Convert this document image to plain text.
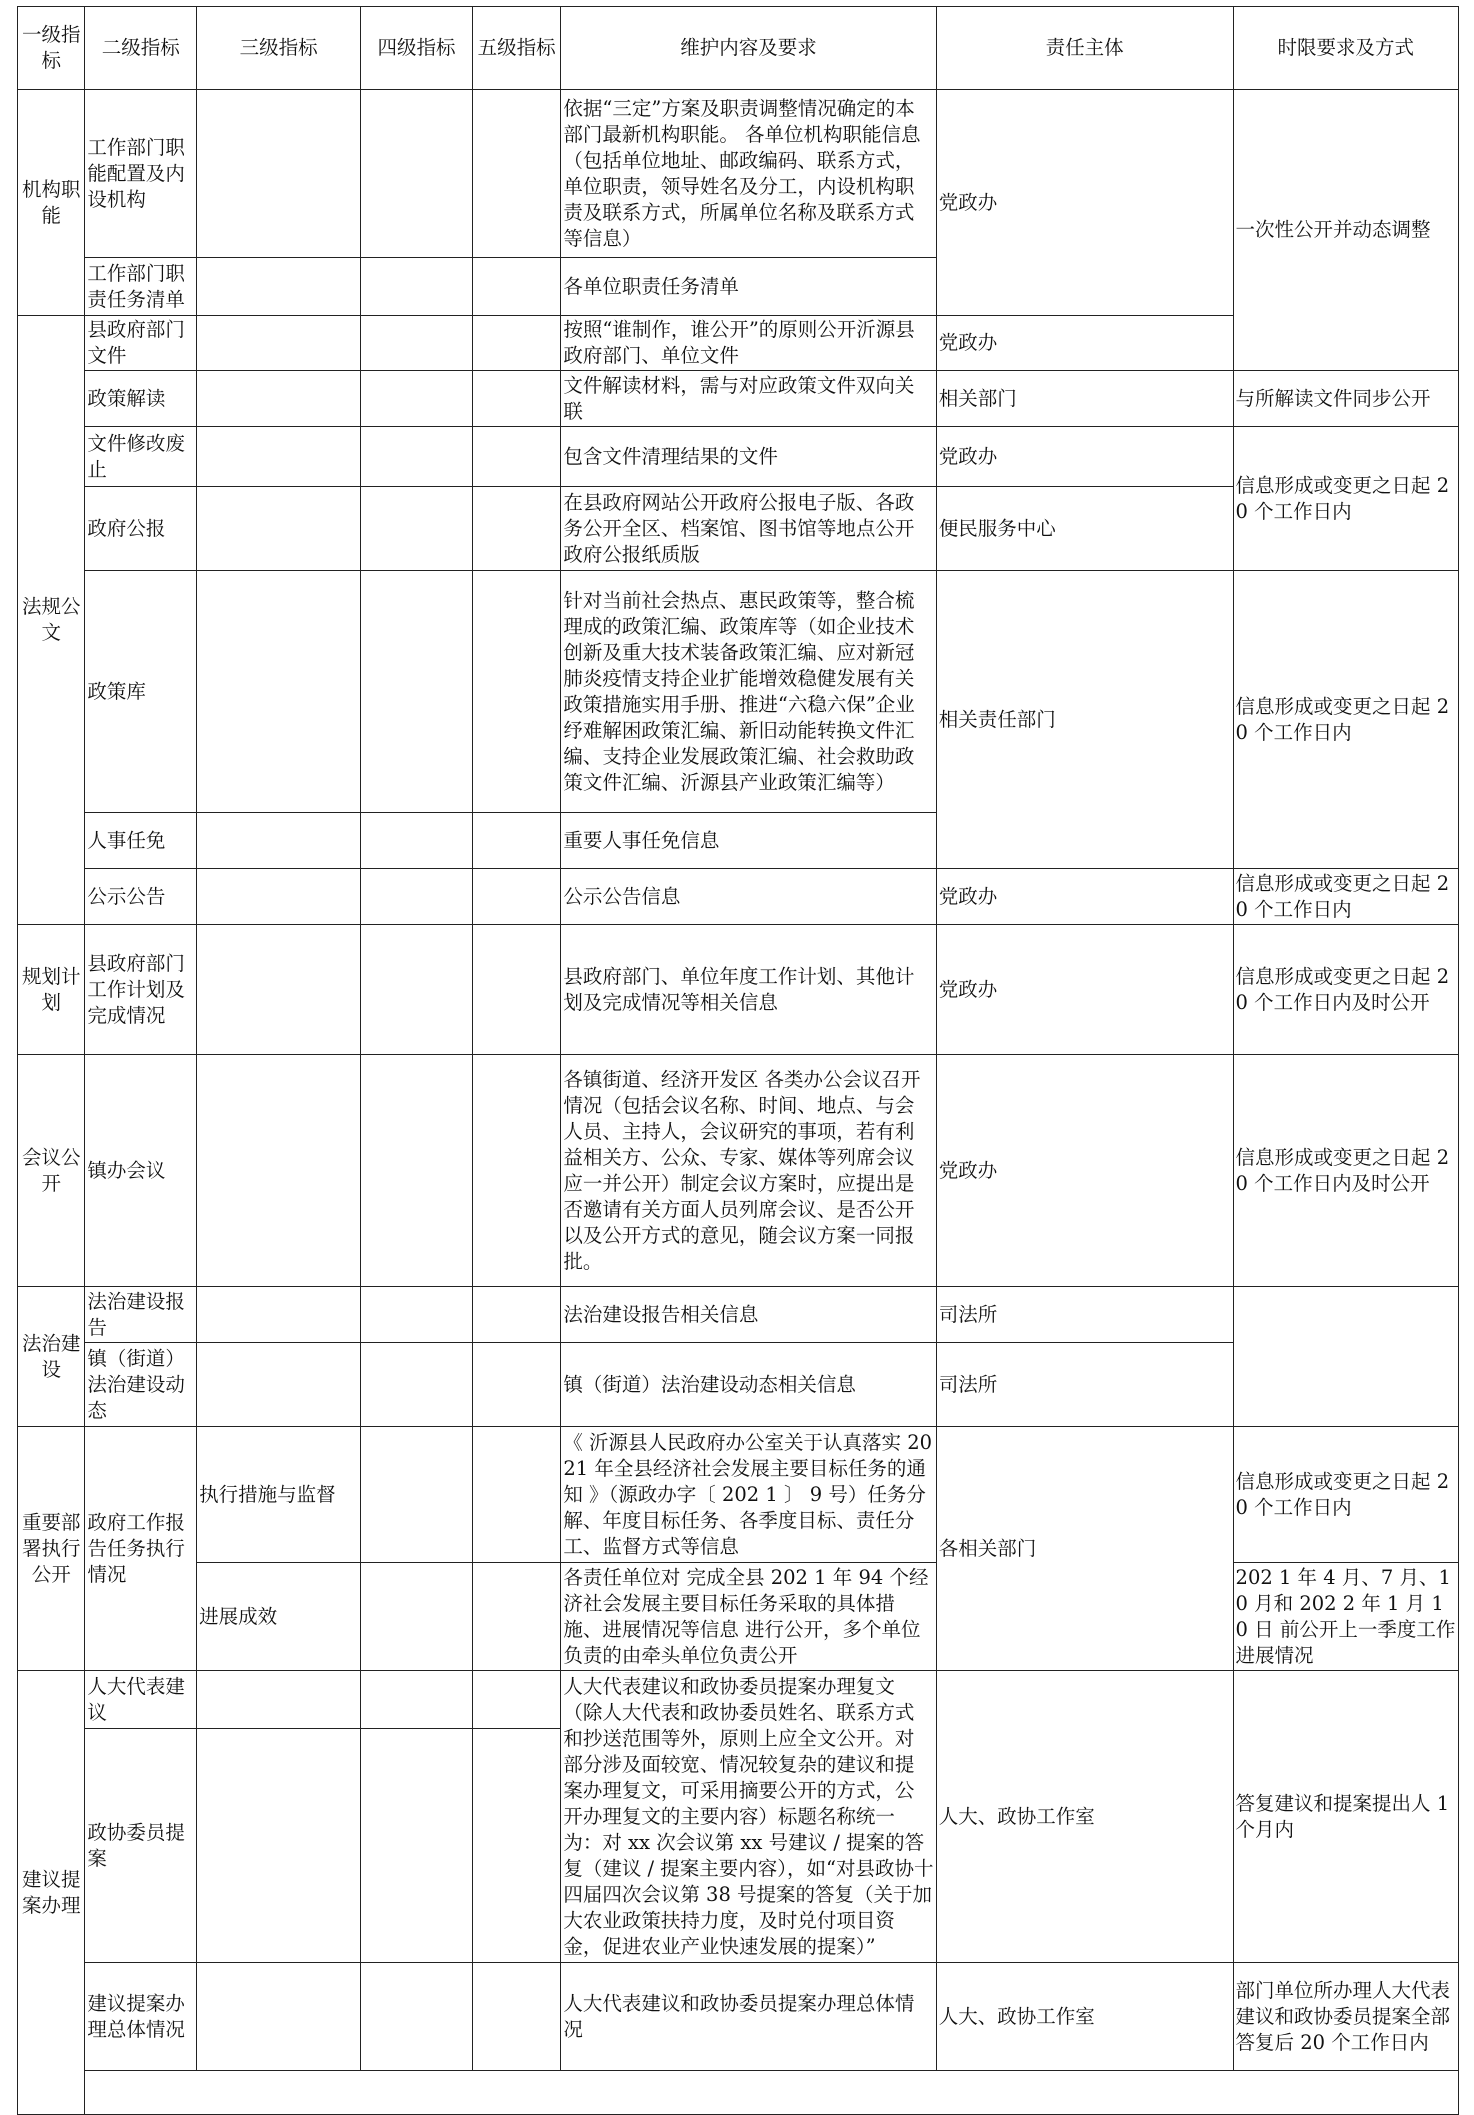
一级指标	二级指标	三级指标	四级指标	五级指标	维护内容及要求	责任主体	时限要求及方式
机构职能	工作部门职能配置及内设机构				依据“三定”方案及职责调整情况确定的本部门最新机构职能。 各单位机构职能信息（包括单位地址、邮政编码、联系方式，单位职责，领导姓名及分工，内设机构职责及联系方式，所属单位名称及联系方式等信息）	党政办	一次性公开并动态调整
	工作部门职责任务清单				各单位职责任务清单		
法规公文	县政府部门文件				按照“谁制作，谁公开”的原则公开沂源县政府部门、单位文件	党政办	
	政策解读				文件解读材料，需与对应政策文件双向关联	相关部门	与所解读文件同步公开
	文件修改废止				包含文件清理结果的文件	党政办	信息形成或变更之日起 20 个工作日内
	政府公报				在县政府网站公开政府公报电子版、各政务公开全区、档案馆、图书馆等地点公开政府公报纸质版	便民服务中心	
	政策库				针对当前社会热点、惠民政策等，整合梳理成的政策汇编、政策库等（如企业技术创新及重大技术装备政策汇编、应对新冠肺炎疫情支持企业扩能增效稳健发展有关政策措施实用手册、推进“六稳六保”企业纾难解困政策汇编、新旧动能转换文件汇编、支持企业发展政策汇编、社会救助政策文件汇编、沂源县产业政策汇编等）	相关责任部门	信息形成或变更之日起 20 个工作日内
	人事任免				重要人事任免信息		
	公示公告				公示公告信息	党政办	信息形成或变更之日起 20 个工作日内
规划计划	县政府部门工作计划及完成情况				县政府部门、单位年度工作计划、其他计划及完成情况等相关信息	党政办	信息形成或变更之日起 20 个工作日内及时公开
会议公开	镇办会议				各镇街道、经济开发区 各类办公会议召开情况（包括会议名称、时间、地点、与会人员、主持人，会议研究的事项，若有利益相关方、公众、专家、媒体等列席会议应一并公开）制定会议方案时，应提出是否邀请有关方面人员列席会议、是否公开以及公开方式的意见，随会议方案一同报批。	党政办	信息形成或变更之日起 20 个工作日内及时公开
法治建设	法治建设报告				法治建设报告相关信息	司法所	
	镇（街道）法治建设动态				镇（街道）法治建设动态相关信息	司法所	
重要部署执行公开	政府工作报告任务执行情况	执行措施与监督			《 沂源县人民政府办公室关于认真落实 2021 年全县经济社会发展主要目标任务的通知 》（源政办字〔 202 1 〕 9 号）任务分解、年度目标任务、各季度目标、责任分工、监督方式等信息	各相关部门	信息形成或变更之日起 20 个工作日内
		进展成效			各责任单位对 完成全县 202 1 年 94 个经济社会发展主要目标任务采取的具体措施、进展情况等信息 进行公开，多个单位负责的由牵头单位负责公开		202 1 年 4 月、7 月、10 月和 202 2 年 1 月 10 日 前公开上一季度工作进展情况
建议提案办理	人大代表建议				人大代表建议和政协委员提案办理复文（除人大代表和政协委员姓名、联系方式和抄送范围等外，原则上应全文公开。对部分涉及面较宽、情况较复杂的建议和提案办理复文，可采用摘要公开的方式，公开办理复文的主要内容）标题名称统一为：对 xx 次会议第 xx 号建议 / 提案的答复（建议 / 提案主要内容），如“对县政协十四届四次会议第 38 号提案的答复（关于加大农业政策扶持力度，及时兑付项目资金，促进农业产业快速发展的提案）”	人大、政协工作室	答复建议和提案提出人 1 个月内
	政协委员提案						
	建议提案办理总体情况				人大代表建议和政协委员提案办理总体情况	人大、政协工作室	部门单位所办理人大代表建议和政协委员提案全部答复后 20 个工作日内
